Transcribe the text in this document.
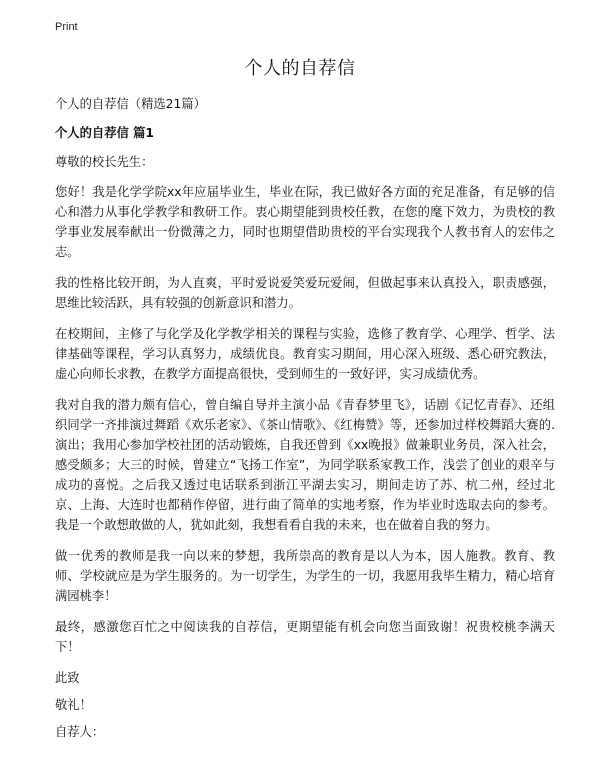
Print
个人的自荐信

个人的自荐信（精选21篇）

个人的自荐信 篇1

尊敬的校长先生：

您好！我是化学学院xx年应届毕业生，毕业在际，我已做好各方面的充足准备，有足够的信心和潜力从事化学教学和教研工作。衷心期望能到贵校任教，在您的麾下效力，为贵校的教学事业发展奉献出一份微薄之力，同时也期望借助贵校的平台实现我个人教书育人的宏伟之志。

我的性格比较开朗，为人直爽，平时爱说爱笑爱玩爱闹，但做起事来认真投入，职责感强，思维比较活跃，具有较强的创新意识和潜力。

在校期间，主修了与化学及化学教学相关的课程与实验，选修了教育学、心理学、哲学、法律基础等课程，学习认真努力，成绩优良。教育实习期间，用心深入班级、悉心研究教法，虚心向师长求教，在教学方面提高很快，受到师生的一致好评，实习成绩优秀。

我对自我的潜力颇有信心，曾自编自导并主演小品《青春梦里飞》，话剧《记忆青春》、还组织同学一齐排演过舞蹈《欢乐老家》、《茶山情歌》、《红梅赞》等，还参加过样校舞蹈大赛的.演出；我用心参加学校社团的活动锻炼，自我还曾到《xx晚报》做兼职业务员，深入社会，感受颇多；大三的时候，曾建立“飞扬工作室”，为同学联系家教工作，浅尝了创业的艰辛与成功的喜悦。之后我又透过电话联系到浙江平湖去实习，期间走访了苏、杭二州，经过北京、上海、大连时也都稍作停留，进行曲了简单的实地考察，作为毕业时选取去向的参考。我是一个敢想敢做的人，犹如此刻，我想看看自我的未来，也在做着自我的努力。

做一优秀的教师是我一向以来的梦想，我所崇高的教育是以人为本，因人施教。教育、教师、学校就应是为学生服务的。为一切学生，为学生的一切，我愿用我毕生精力，精心培育满园桃李！

最终，感激您百忙之中阅读我的自荐信，更期望能有机会向您当面致谢！祝贵校桃李满天下！

此致

敬礼！

自荐人：
